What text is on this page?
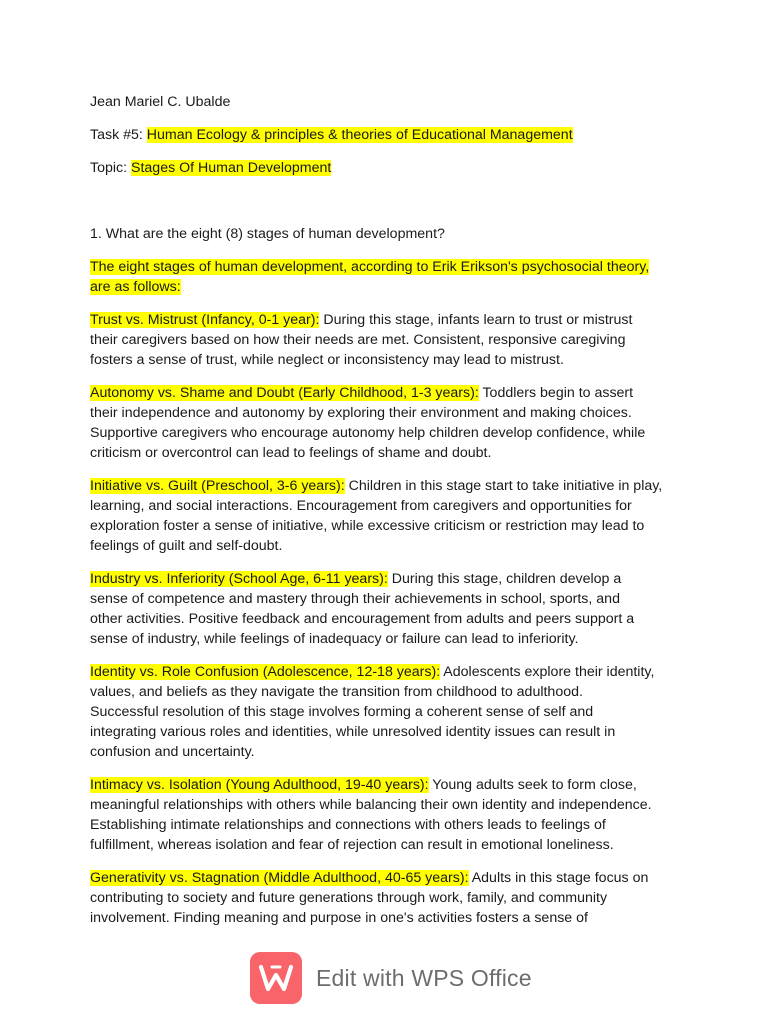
Jean Mariel C. Ubalde

Task #5: Human Ecology & principles & theories of Educational Management

Topic: Stages Of Human Development

1. What are the eight (8) stages of human development?

The eight stages of human development, according to Erik Erikson's psychosocial theory,

are as follows:

Trust vs. Mistrust (Infancy, 0-1 year): During this stage, infants learn to trust or mistrust

their caregivers based on how their needs are met. Consistent, responsive caregiving

fosters a sense of trust, while neglect or inconsistency may lead to mistrust.

Autonomy vs. Shame and Doubt (Early Childhood, 1-3 years): Toddlers begin to assert

their independence and autonomy by exploring their environment and making choices.

Supportive caregivers who encourage autonomy help children develop confidence, while

criticism or overcontrol can lead to feelings of shame and doubt.

Initiative vs. Guilt (Preschool, 3-6 years): Children in this stage start to take initiative in play,

learning, and social interactions. Encouragement from caregivers and opportunities for

exploration foster a sense of initiative, while excessive criticism or restriction may lead to

feelings of guilt and self-doubt.

Industry vs. Inferiority (School Age, 6-11 years): During this stage, children develop a

sense of competence and mastery through their achievements in school, sports, and

other activities. Positive feedback and encouragement from adults and peers support a

sense of industry, while feelings of inadequacy or failure can lead to inferiority.

Identity vs. Role Confusion (Adolescence, 12-18 years): Adolescents explore their identity,

values, and beliefs as they navigate the transition from childhood to adulthood.

Successful resolution of this stage involves forming a coherent sense of self and

integrating various roles and identities, while unresolved identity issues can result in

confusion and uncertainty.

Intimacy vs. Isolation (Young Adulthood, 19-40 years): Young adults seek to form close,

meaningful relationships with others while balancing their own identity and independence.

Establishing intimate relationships and connections with others leads to feelings of

fulfillment, whereas isolation and fear of rejection can result in emotional loneliness.

Generativity vs. Stagnation (Middle Adulthood, 40-65 years): Adults in this stage focus on

contributing to society and future generations through work, family, and community

involvement. Finding meaning and purpose in one's activities fosters a sense of

Edit with WPS Office
